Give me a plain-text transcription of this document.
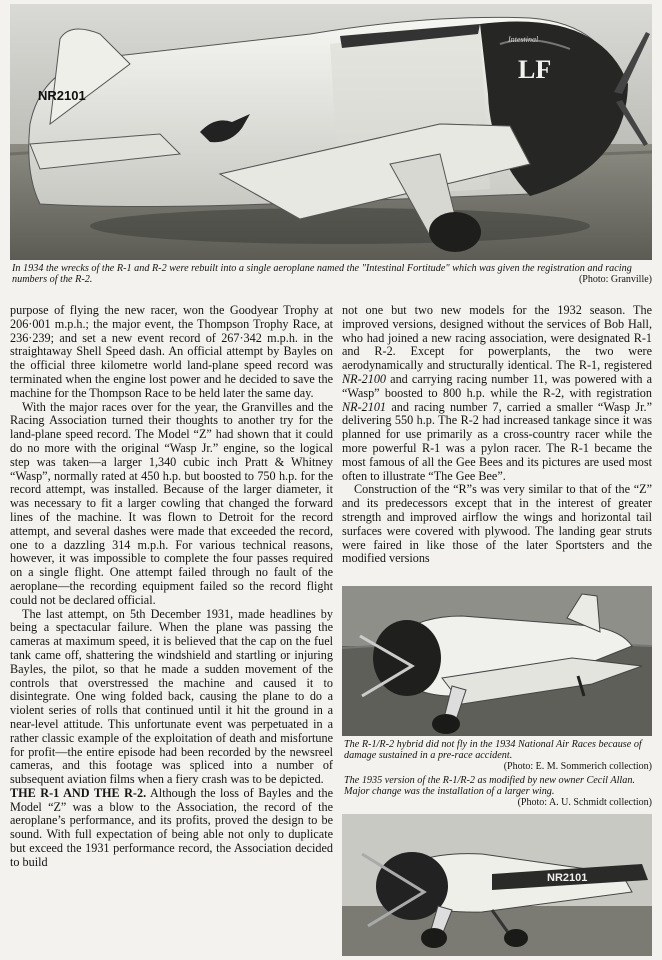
NR2101
LF
Intestinal
In 1934 the wrecks of the R-1 and R-2 were rebuilt into a single aeroplane named the "Intestinal Fortitude" which was given the registration and racing numbers of the R-2.	(Photo: Granville)

purpose of flying the new racer, won the Goodyear Trophy at 206·001 m.p.h.; the major event, the Thompson Trophy Race, at 236·239; and set a new event record of 267·342 m.p.h. in the straightaway Shell Speed dash. An official attempt by Bayles on the official three kilometre world land-plane speed record was terminated when the engine lost power and he decided to save the machine for the Thompson Race to be held later the same day.

With the major races over for the year, the Granvilles and the Racing Association turned their thoughts to another try for the land-plane speed record. The Model “Z” had shown that it could do no more with the original “Wasp Jr.” engine, so the logical step was taken—a larger 1,340 cubic inch Pratt & Whitney “Wasp”, normally rated at 450 h.p. but boosted to 750 h.p. for the record attempt, was installed. Because of the larger diameter, it was necessary to fit a larger cowling that changed the forward lines of the machine. It was flown to Detroit for the record attempt, and several dashes were made that exceeded the record, one to a dazzling 314 m.p.h. For various technical reasons, however, it was impossible to complete the four passes required on a single flight. One attempt failed through no fault of the aeroplane—the recording equipment failed so the record flight could not be declared official.

The last attempt, on 5th December 1931, made headlines by being a spectacular failure. When the plane was passing the cameras at maximum speed, it is believed that the cap on the fuel tank came off, shattering the windshield and startling or injuring Bayles, the pilot, so that he made a sudden movement of the controls that overstressed the machine and caused it to disintegrate. One wing folded back, causing the plane to do a violent series of rolls that continued until it hit the ground in a near-level attitude. This unfortunate event was perpetuated in a rather classic example of the exploitation of death and misfortune for profit—the entire episode had been recorded by the newsreel cameras, and this footage was spliced into a number of subsequent aviation films when a fiery crash was to be depicted.

THE R-1 AND THE R-2. Although the loss of Bayles and the Model “Z” was a blow to the Association, the record of the aeroplane’s performance, and its profits, proved the design to be sound. With full expectation of being able not only to duplicate but exceed the 1931 performance record, the Association decided to build

not one but two new models for the 1932 season. The improved versions, designed without the services of Bob Hall, who had joined a new racing association, were designated R-1 and R-2. Except for powerplants, the two were aerodynamically and structurally identical. The R-1, registered NR-2100 and carrying racing number 11, was powered with a “Wasp” boosted to 800 h.p. while the R-2, with registration NR-2101 and racing number 7, carried a smaller “Wasp Jr.” delivering 550 h.p. The R-2 had increased tankage since it was planned for use primarily as a cross-country racer while the more powerful R-1 was a pylon racer. The R-1 became the most famous of all the Gee Bees and its pictures are used most often to illustrate “The Gee Bee”.

Construction of the “R”s was very similar to that of the “Z” and its predecessors except that in the interest of greater strength and improved airflow the wings and horizontal tail surfaces were covered with plywood. The landing gear struts were faired in like those of the later Sportsters and the modified versions

The R-1/R-2 hybrid did not fly in the 1934 National Air Races because of damage sustained in a pre-race accident.
(Photo: E. M. Sommerich collection)
The 1935 version of the R-1/R-2 as modified by new owner Cecil Allan. Major change was the installation of a larger wing.
(Photo: A. U. Schmidt collection)
NR2101
